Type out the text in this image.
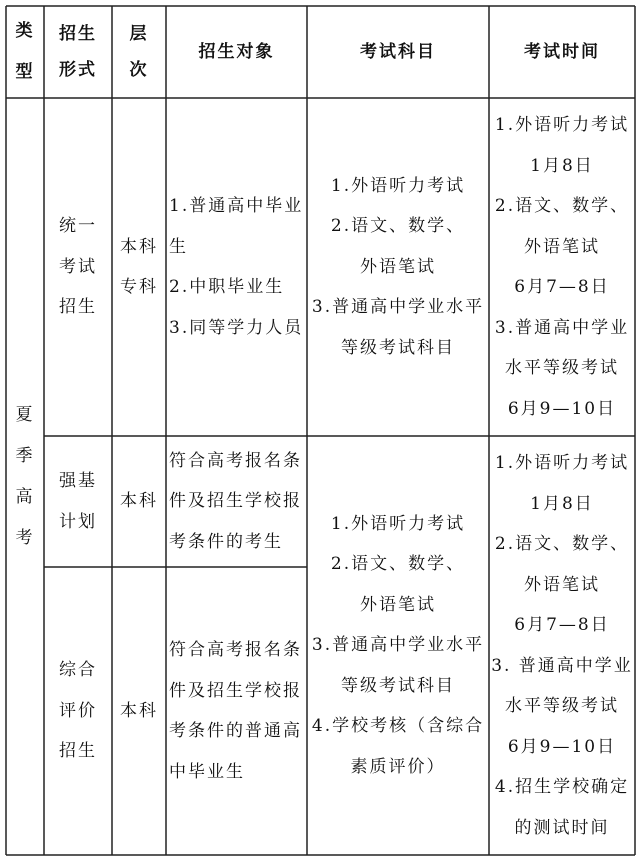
类
型
招生
形式
层
次
招生对象	考试科目	考试时间
夏
季
高
考
统一
考试
招生
本科
专科
1.普通高中毕业
生
2.中职毕业生
3.同等学力人员
1.外语听力考试
2.语文、数学、
外语笔试
3.普通高中学业水平
等级考试科目
1.外语听力考试
1月8日
2.语文、数学、
外语笔试
6月7—8日
3.普通高中学业
水平等级考试
6月9—10日
强基
计划
本科
符合高考报名条
件及招生学校报
考条件的考生
综合
评价
招生
本科
符合高考报名条
件及招生学校报
考条件的普通高
中毕业生
1.外语听力考试
2.语文、数学、
外语笔试
3.普通高中学业水平
等级考试科目
4.学校考核（含综合
素质评价）
1.外语听力考试
1月8日
2.语文、数学、
外语笔试
6月7—8日
3. 普通高中学业
水平等级考试
6月9—10日
4.招生学校确定
的测试时间
